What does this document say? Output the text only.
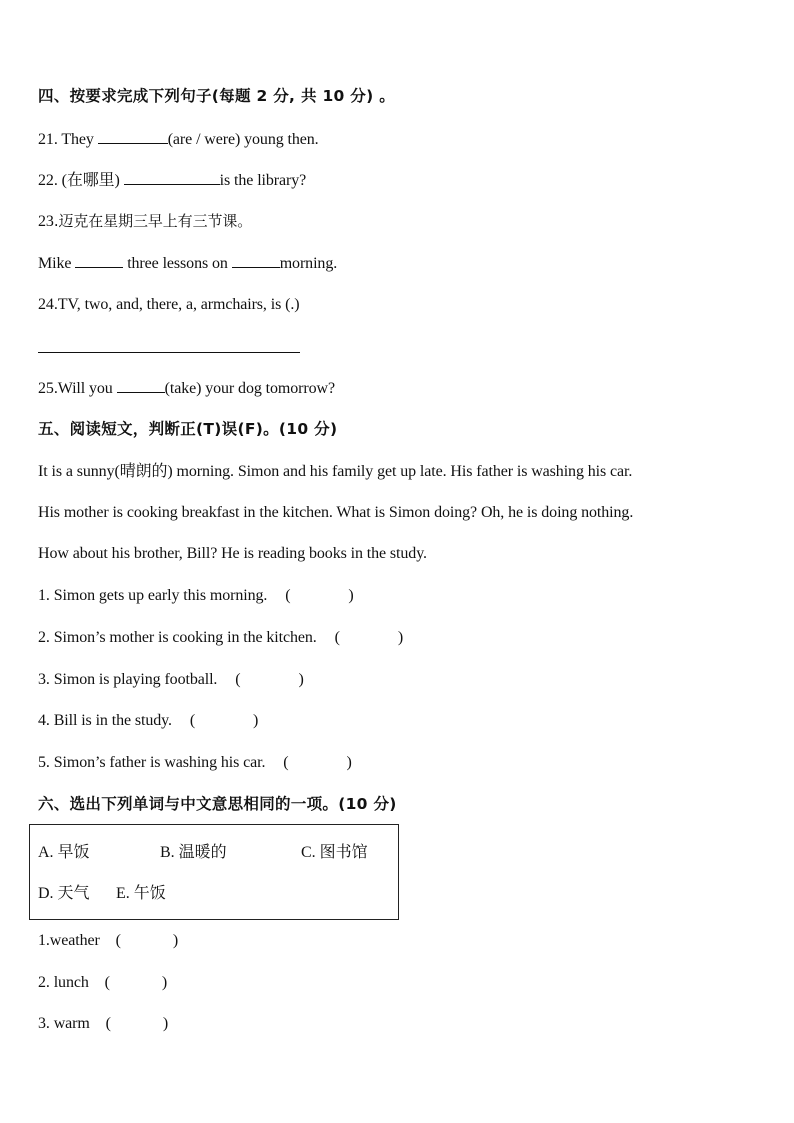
四、按要求完成下列句子(每题 2 分, 共 10 分) 。
21. They	(are / were) young then.
22. (在哪里)	is the library?
23.迈克在星期三早上有三节课。
Mike	three lessons on	morning.
24.TV, two, and, there, a, armchairs, is (.)
25.Will you	(take) your dog tomorrow?
五、阅读短文，判断正(T)误(F)。(10 分)
It is a sunny(晴朗的) morning. Simon and his family get up late. His father is washing his car.
His mother is cooking breakfast in the kitchen. What is Simon doing? Oh, he is doing nothing.
How about his brother, Bill? He is reading books in the study.
1. Simon gets up early this morning. (	)
2. Simon’s mother is cooking in the kitchen. (	)
3. Simon is playing football. (	)
4. Bill is in the study. (	)
5. Simon’s father is washing his car. (	)
六、选出下列单词与中文意思相同的一项。(10 分)
A. 早饭	B. 温暖的	C. 图书馆
D. 天气 E. 午饭
1.weather (	)
2. lunch (	)
3. warm (	)
